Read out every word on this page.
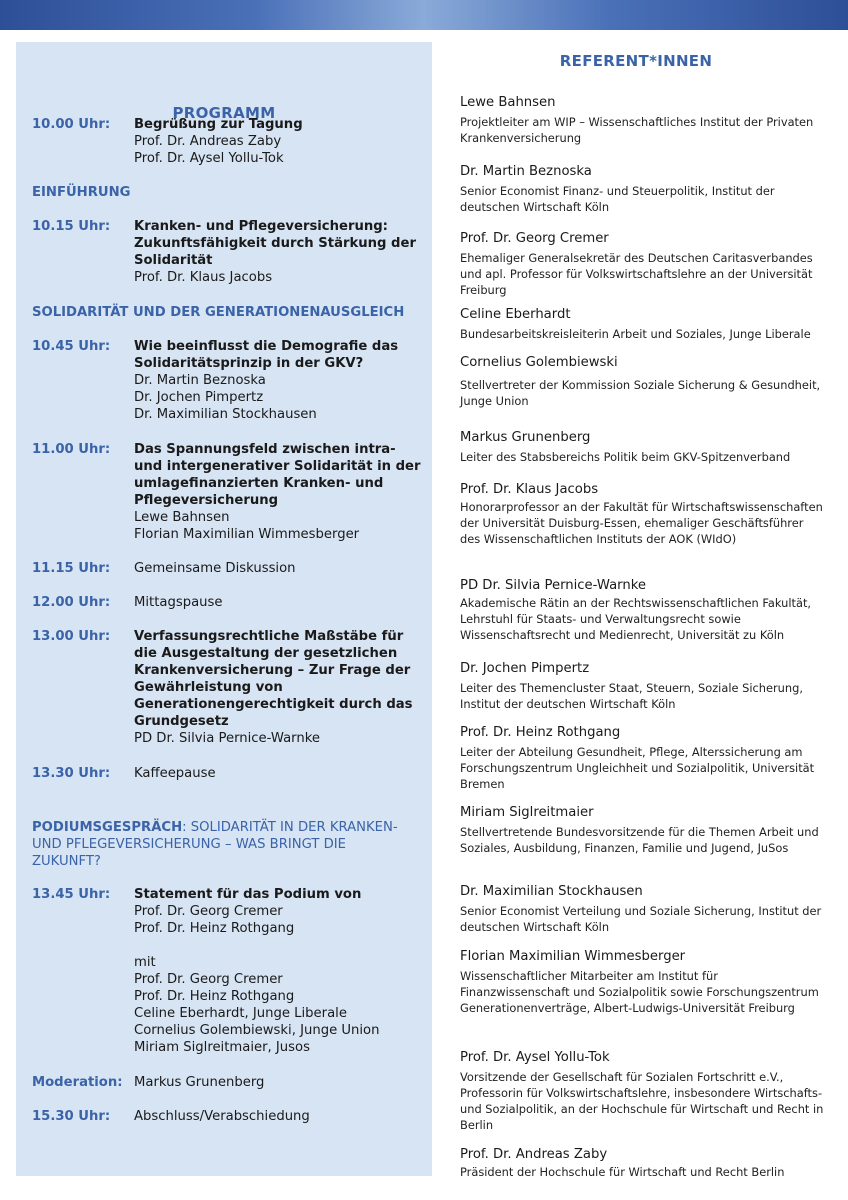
PROGRAMM
10.00 Uhr: Begrüßung zur Tagung
Prof. Dr. Andreas Zaby
Prof. Dr. Aysel Yollu-Tok
EINFÜHRUNG
10.15 Uhr: Kranken- und Pflegeversicherung: Zukunftsfähigkeit durch Stärkung der Solidarität
Prof. Dr. Klaus Jacobs
SOLIDARITÄT UND DER GENERATIONENAUSGLEICH
10.45 Uhr: Wie beeinflusst die Demografie das Solidaritätsprinzip in der GKV?
Dr. Martin Beznoska
Dr. Jochen Pimpertz
Dr. Maximilian Stockhausen
11.00 Uhr: Das Spannungsfeld zwischen intra- und intergenerativer Solidarität in der umlagefinanzierten Kranken- und Pflegeversicherung
Lewe Bahnsen
Florian Maximilian Wimmesberger
11.15 Uhr: Gemeinsame Diskussion
12.00 Uhr: Mittagspause
13.00 Uhr: Verfassungsrechtliche Maßstäbe für die Ausgestaltung der gesetzlichen Krankenversicherung – Zur Frage der Gewährleistung von Generationengerechtigkeit durch das Grundgesetz
PD Dr. Silvia Pernice-Warnke
13.30 Uhr: Kaffeepause
PODIUMSGESPRÄCH: SOLIDARITÄT IN DER KRANKEN- UND PFLEGEVERSICHERUNG – WAS BRINGT DIE ZUKUNFT?
13.45 Uhr: Statement für das Podium von
Prof. Dr. Georg Cremer
Prof. Dr. Heinz Rothgang
mit
Prof. Dr. Georg Cremer
Prof. Dr. Heinz Rothgang
Celine Eberhardt, Junge Liberale
Cornelius Golembiewski, Junge Union
Miriam Siglreitmaier, Jusos
Moderation: Markus Grunenberg
15.30 Uhr: Abschluss/Verabschiedung
REFERENT*INNEN
Lewe Bahnsen
Projektleiter am WIP – Wissenschaftliches Institut der Privaten Krankenversicherung
Dr. Martin Beznoska
Senior Economist Finanz- und Steuerpolitik, Institut der deutschen Wirtschaft Köln
Prof. Dr. Georg Cremer
Ehemaliger Generalsekretär des Deutschen Caritasverbandes und apl. Professor für Volkswirtschaftslehre an der Universität Freiburg
Celine Eberhardt
Bundesarbeitskreisleiterin Arbeit und Soziales, Junge Liberale
Cornelius Golembiewski
Stellvertreter der Kommission Soziale Sicherung & Gesundheit, Junge Union
Markus Grunenberg
Leiter des Stabsbereichs Politik beim GKV-Spitzenverband
Prof. Dr. Klaus Jacobs
Honorarprofessor an der Fakultät für Wirtschaftswissenschaften der Universität Duisburg-Essen, ehemaliger Geschäftsführer des Wissenschaftlichen Instituts der AOK (WIdO)
PD Dr. Silvia Pernice-Warnke
Akademische Rätin an der Rechtswissenschaftlichen Fakultät, Lehrstuhl für Staats- und Verwaltungsrecht sowie Wissenschaftsrecht und Medienrecht, Universität zu Köln
Dr. Jochen Pimpertz
Leiter des Themencluster Staat, Steuern, Soziale Sicherung, Institut der deutschen Wirtschaft Köln
Prof. Dr. Heinz Rothgang
Leiter der Abteilung Gesundheit, Pflege, Alterssicherung am Forschungszentrum Ungleichheit und Sozialpolitik, Universität Bremen
Miriam Siglreitmaier
Stellvertretende Bundesvorsitzende für die Themen Arbeit und Soziales, Ausbildung, Finanzen, Familie und Jugend, JuSos
Dr. Maximilian Stockhausen
Senior Economist Verteilung und Soziale Sicherung, Institut der deutschen Wirtschaft Köln
Florian Maximilian Wimmesberger
Wissenschaftlicher Mitarbeiter am Institut für Finanzwissenschaft und Sozialpolitik sowie Forschungszentrum Generationenverträge, Albert-Ludwigs-Universität Freiburg
Prof. Dr. Aysel Yollu-Tok
Vorsitzende der Gesellschaft für Sozialen Fortschritt e.V., Professorin für Volkswirtschaftslehre, insbesondere Wirtschafts- und Sozialpolitik, an der Hochschule für Wirtschaft und Recht in Berlin
Prof. Dr. Andreas Zaby
Präsident der Hochschule für Wirtschaft und Recht Berlin
